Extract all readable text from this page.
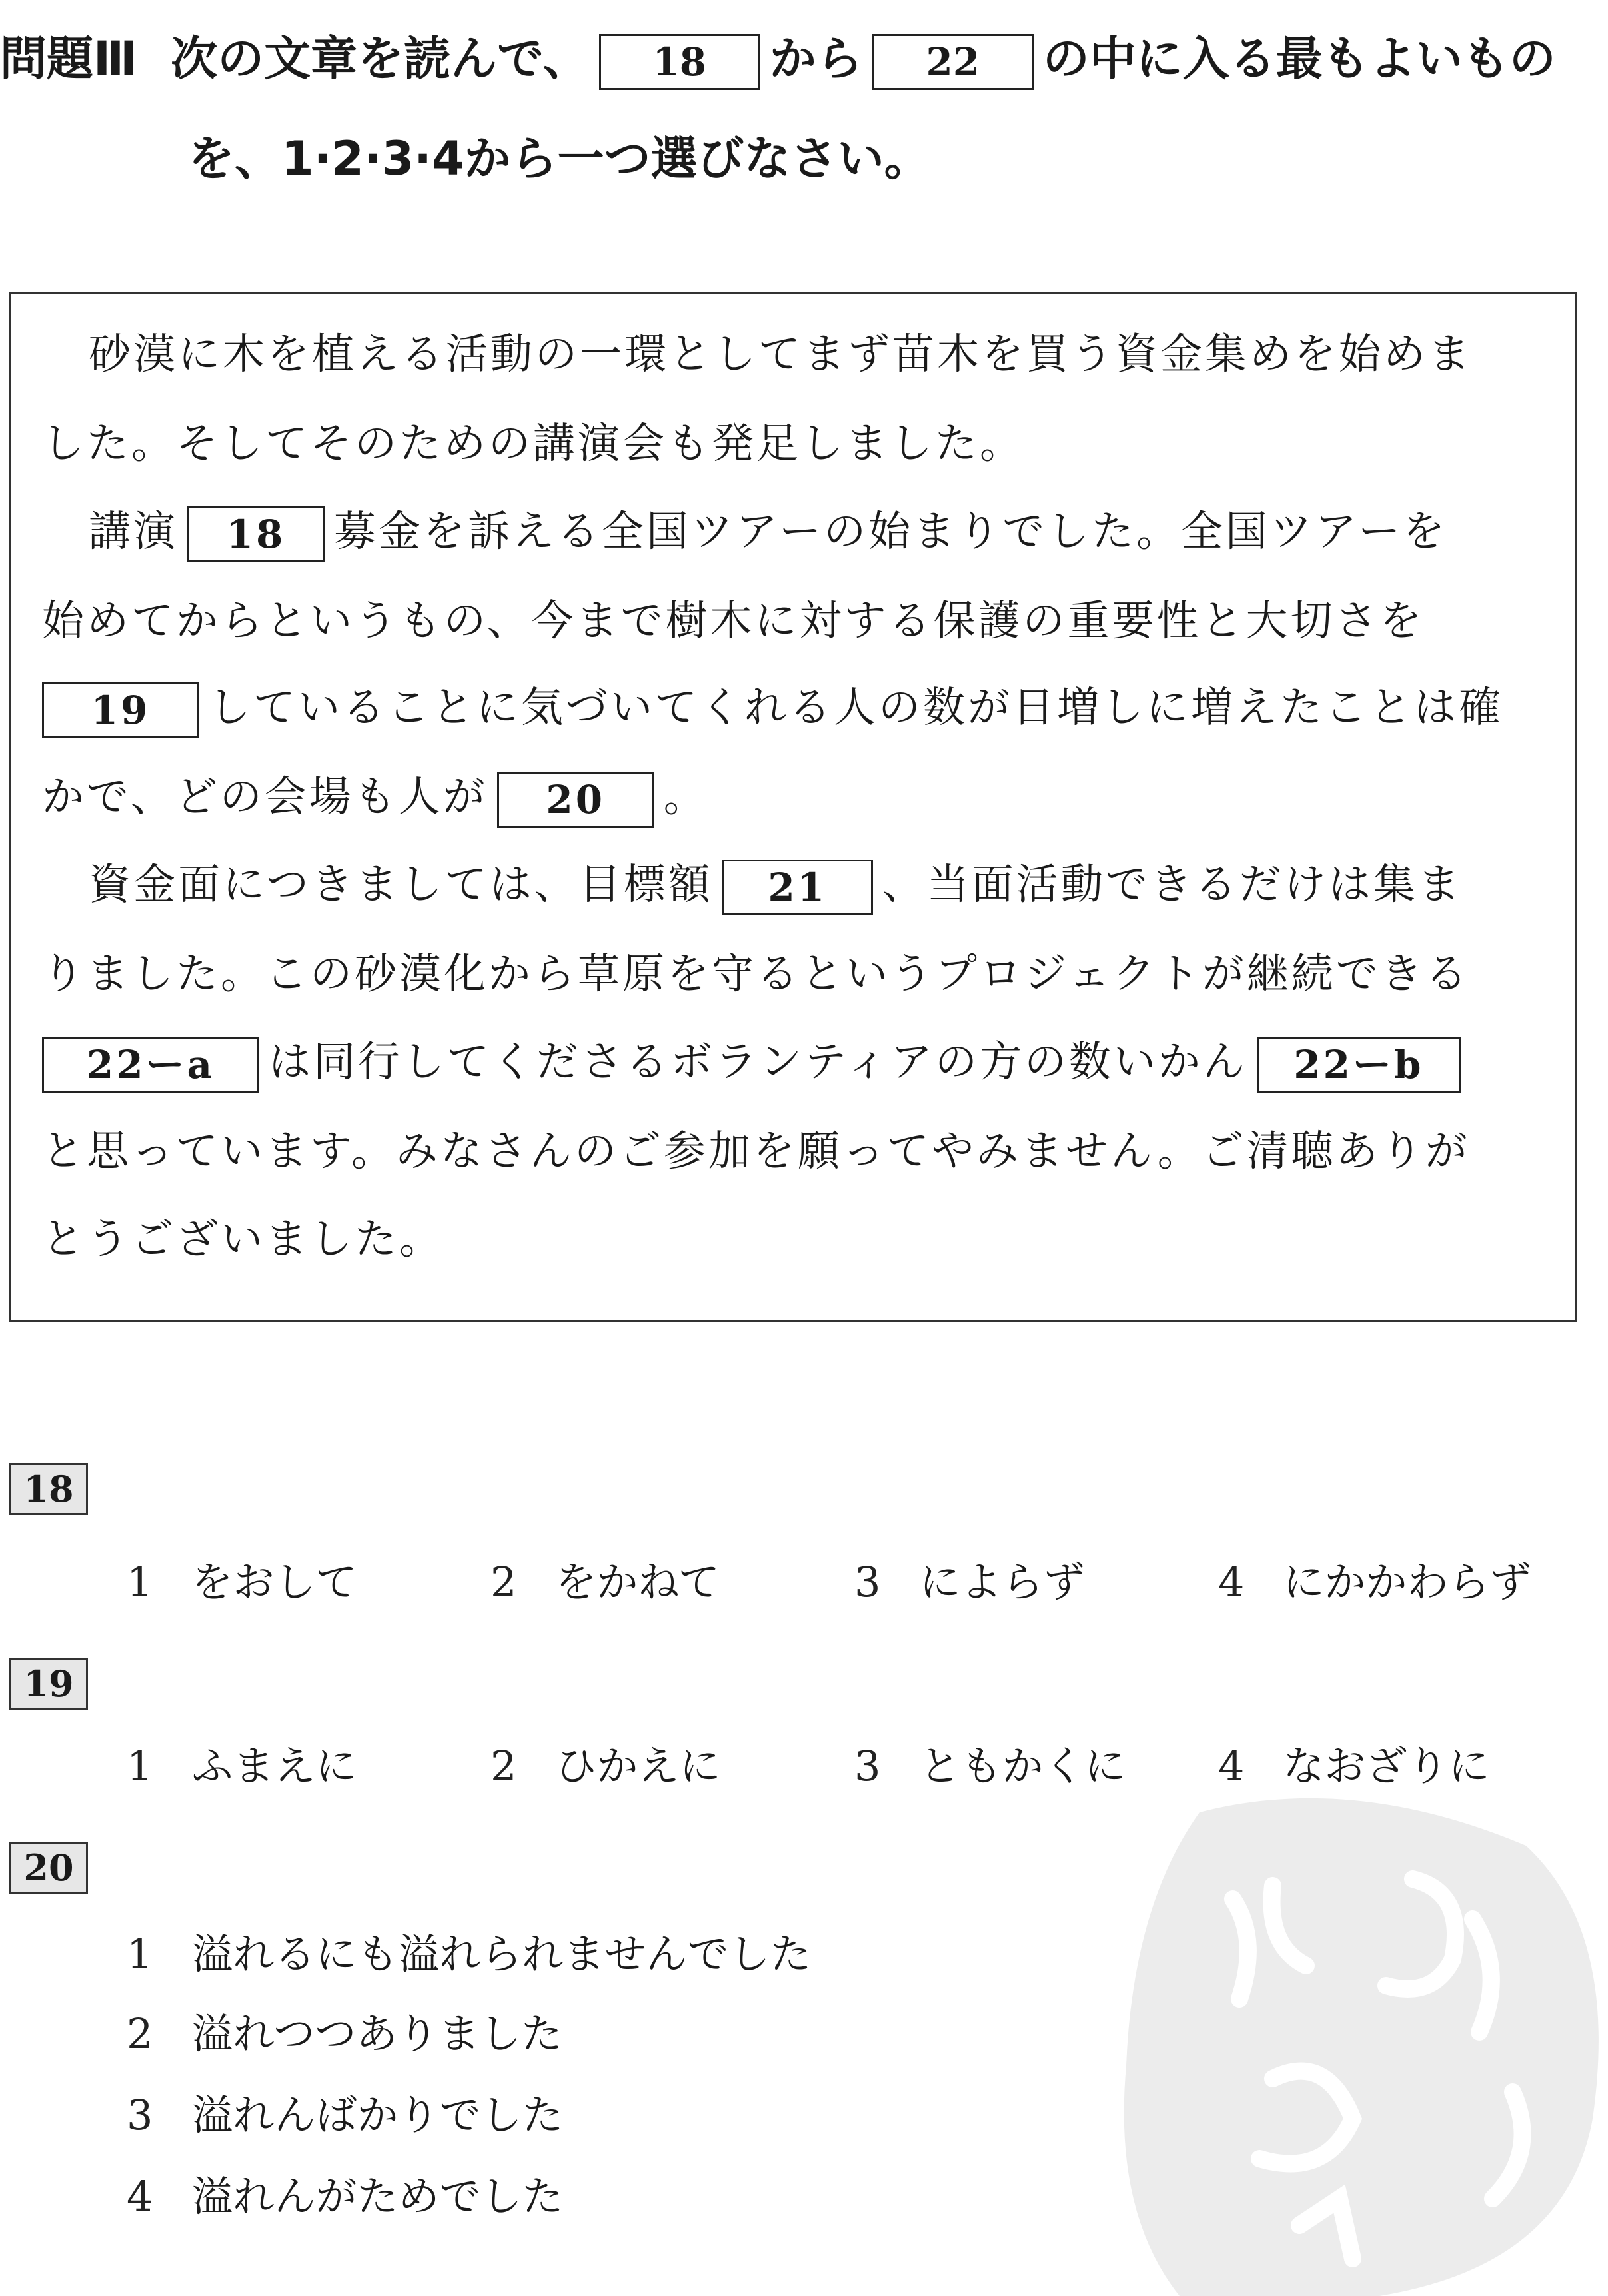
問題Ⅲ 次の文章を読んで、 18 から 22 の中に入る最もよいもの
を、1·2·3·4から一つ選びなさい。
砂漠に木を植える活動の一環としてまず苗木を買う資金集めを始めま
した。そしてそのための講演会も発足しました。
講演 18 募金を訴える全国ツアーの始まりでした。全国ツアーを
始めてからというもの、今まで樹木に対する保護の重要性と大切さを
19 していることに気づいてくれる人の数が日増しに増えたことは確
かで、どの会場も人が 20 。
資金面につきましては、目標額 21 、当面活動できるだけは集ま
りました。この砂漠化から草原を守るというプロジェクトが継続できる
22ーa は同行してくださるボランティアの方の数いかん 22ーb
と思っています。みなさんのご参加を願ってやみません。ご清聴ありが
とうございました。
18
1 をおして	2 をかねて	3 によらず	4 にかかわらず
19
1 ふまえに	2 ひかえに	3 ともかくに 4 なおざりに
20
1 溢れるにも溢れられませんでした
2 溢れつつありました
3 溢れんばかりでした
4 溢れんがためでした
